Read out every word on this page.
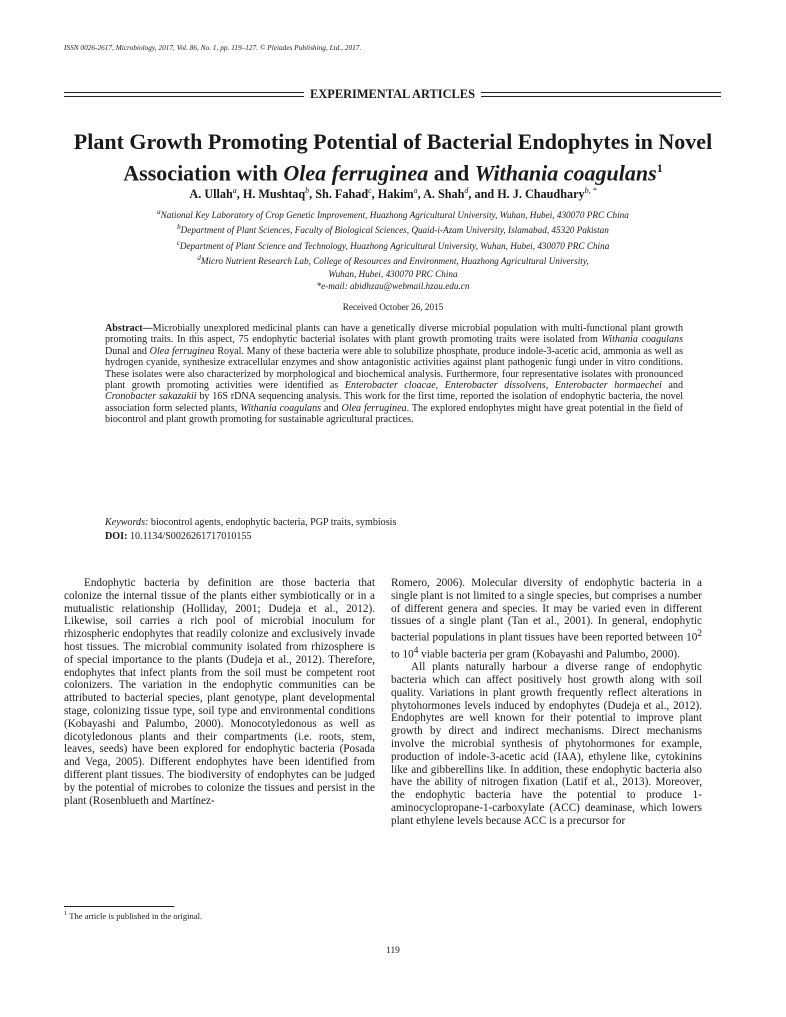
ISSN 0026-2617, Microbiology, 2017, Vol. 86, No. 1, pp. 119–127. © Pleiades Publishing, Ltd., 2017.
EXPERIMENTAL ARTICLES
Plant Growth Promoting Potential of Bacterial Endophytes in Novel
Association with Olea ferruginea and Withania coagulans$^1$
A. Ullah$^a$, H. Mushtaq$^b$, Sh. Fahad$^c$, Hakim$^a$, A. Shah$^d$, and H. J. Chaudhary$^{b, *}$
$^a$National Key Laboratory of Crop Genetic Improvement, Huazhong Agricultural University, Wuhan, Hubei, 430070 PRC China
$^b$Department of Plant Sciences, Faculty of Biological Sciences, Quaid-i-Azam University, Islamabad, 45320 Pakistan
$^c$Department of Plant Science and Technology, Huazhong Agricultural University, Wuhan, Hubei, 430070 PRC China
$^d$Micro Nutrient Research Lab, College of Resources and Environment, Huazhong Agricultural University,
Wuhan, Hubei, 430070 PRC China
*e-mail: abidhzau@webmail.hzau.edu.cn
Received October 26, 2015
Abstract—Microbially unexplored medicinal plants can have a genetically diverse microbial population with multi-functional plant growth promoting traits. In this aspect, 75 endophytic bacterial isolates with plant growth promoting traits were isolated from Withania coagulans Dunal and Olea ferruginea Royal. Many of these bacteria were able to solubilize phosphate, produce indole-3-acetic acid, ammonia as well as hydrogen cyanide, synthesize extracellular enzymes and show antagonistic activities against plant pathogenic fungi under in vitro conditions. These isolates were also characterized by morphological and biochemical analysis. Furthermore, four representative isolates with pronounced plant growth promoting activities were identified as Enterobacter cloacae, Enterobacter dissolvens, Enterobacter hormaechei and Cronobacter sakazakii by 16S rDNA sequencing analysis. This work for the first time, reported the isolation of endophytic bacteria, the novel association form selected plants, Withania coagulans and Olea ferruginea. The explored endophytes might have great potential in the field of biocontrol and plant growth promoting for sustainable agricultural practices.
Keywords: biocontrol agents, endophytic bacteria, PGP traits, symbiosis
DOI: 10.1134/S0026261717010155

Endophytic bacteria by definition are those bacteria that colonize the internal tissue of the plants either symbiotically or in a mutualistic relationship (Holliday, 2001; Dudeja et al., 2012). Likewise, soil carries a rich pool of microbial inoculum for rhizospheric endophytes that readily colonize and exclusively invade host tissues. The microbial community isolated from rhizosphere is of special importance to the plants (Dudeja et al., 2012). Therefore, endophytes that infect plants from the soil must be competent root colonizers. The variation in the endophytic communities can be attributed to bacterial species, plant genotype, plant developmental stage, colonizing tissue type, soil type and environmental conditions (Kobayashi and Palumbo, 2000). Monocotyledonous as well as dicotyledonous plants and their compartments (i.e. roots, stem, leaves, seeds) have been explored for endophytic bacteria (Posada and Vega, 2005). Different endophytes have been identified from different plant tissues. The biodiversity of endophytes can be judged by the potential of microbes to colonize the tissues and persist in the plant (Rosenblueth and Martínez-

Romero, 2006). Molecular diversity of endophytic bacteria in a single plant is not limited to a single species, but comprises a number of different genera and species. It may be varied even in different tissues of a single plant (Tan et al., 2001). In general, endophytic bacterial populations in plant tissues have been reported between $10^2$ to $10^4$ viable bacteria per gram (Kobayashi and Palumbo, 2000).

All plants naturally harbour a diverse range of endophytic bacteria which can affect positively host growth along with soil quality. Variations in plant growth frequently reflect alterations in phytohormones levels induced by endophytes (Dudeja et al., 2012). Endophytes are well known for their potential to improve plant growth by direct and indirect mechanisms. Direct mechanisms involve the microbial synthesis of phytohormones for example, production of indole-3-acetic acid (IAA), ethylene like, cytokinins like and gibberellins like. In addition, these endophytic bacteria also have the ability of nitrogen fixation (Latif et al., 2013). Moreover, the endophytic bacteria have the potential to produce 1-aminocyclopropane-1-carboxylate (ACC) deaminase, which lowers plant ethylene levels because ACC is a precursor for

$^1$ The article is published in the original.
119
